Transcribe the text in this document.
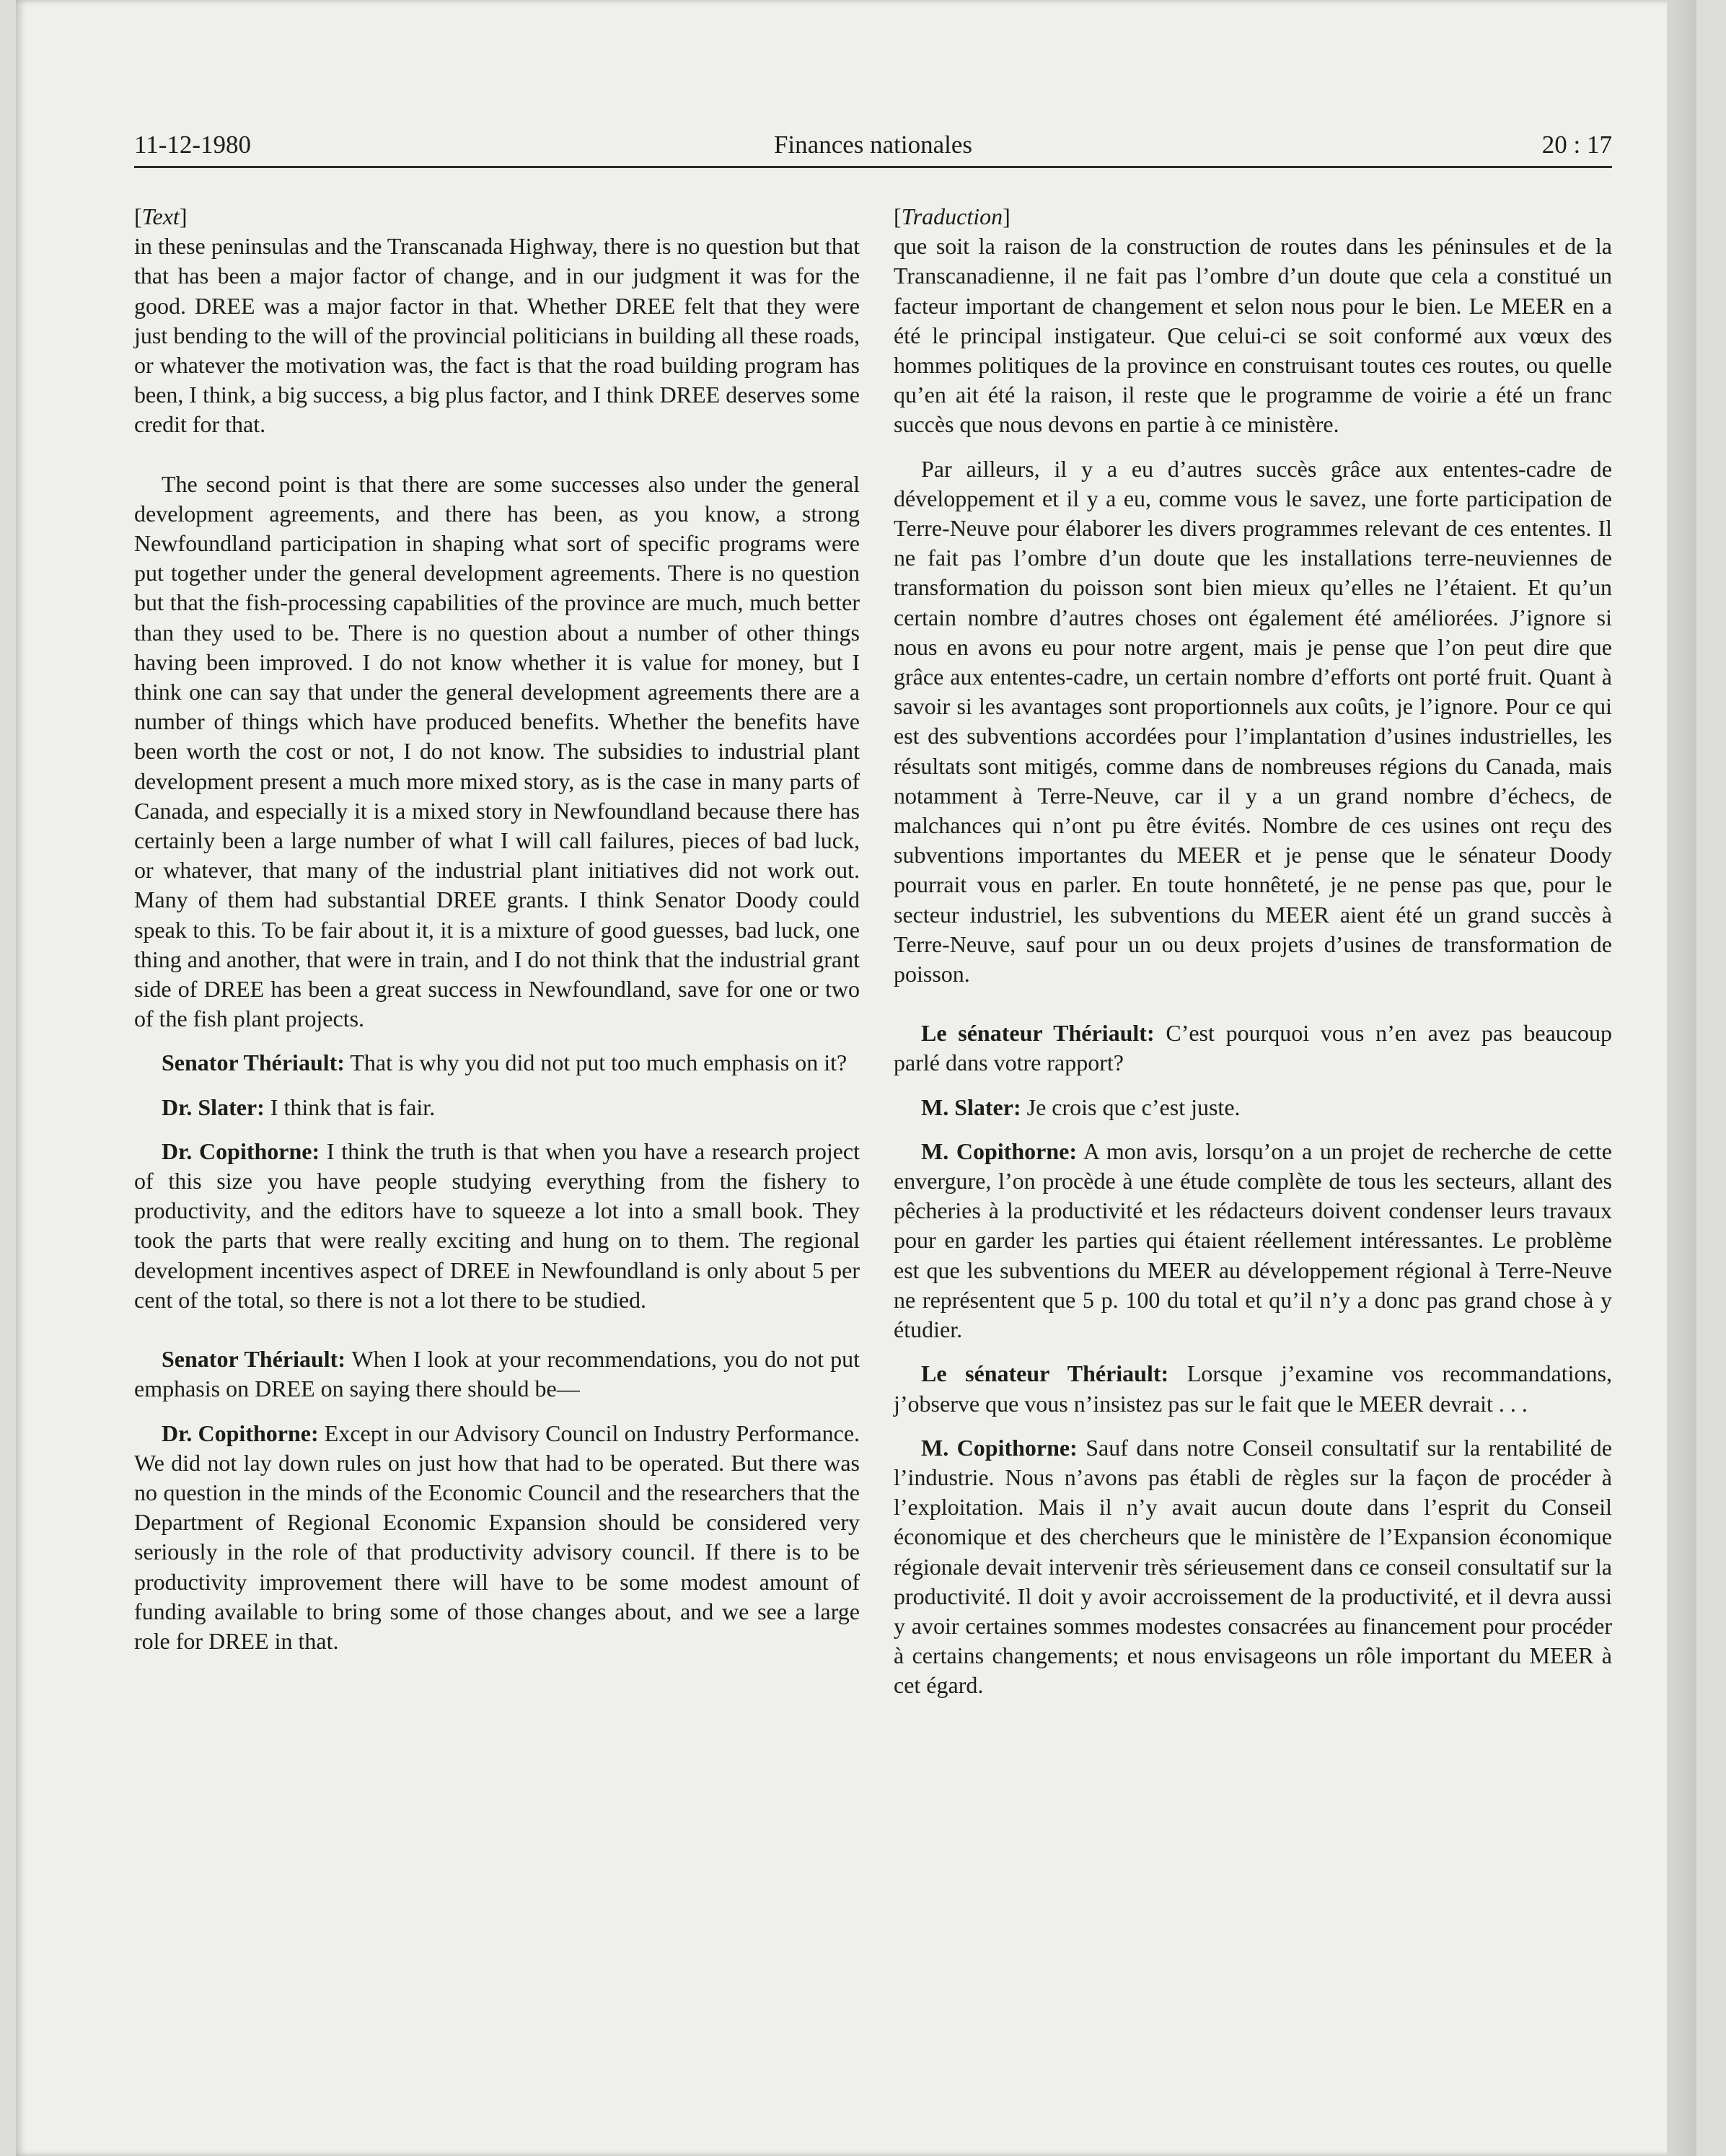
11-12-1980	Finances nationales	20 : 17

[Text]

in these peninsulas and the Transcanada Highway, there is no question but that that has been a major factor of change, and in our judgment it was for the good. DREE was a major factor in that. Whether DREE felt that they were just bending to the will of the provincial politicians in building all these roads, or whatever the motivation was, the fact is that the road building program has been, I think, a big success, a big plus factor, and I think DREE deserves some credit for that.

The second point is that there are some successes also under the general development agreements, and there has been, as you know, a strong Newfoundland participation in shaping what sort of specific programs were put together under the general development agreements. There is no question but that the fish-processing capabilities of the province are much, much better than they used to be. There is no question about a number of other things having been improved. I do not know whether it is value for money, but I think one can say that under the general development agreements there are a number of things which have produced benefits. Whether the benefits have been worth the cost or not, I do not know. The subsidies to industrial plant development present a much more mixed story, as is the case in many parts of Canada, and especially it is a mixed story in Newfoundland because there has certainly been a large number of what I will call failures, pieces of bad luck, or whatever, that many of the industrial plant initiatives did not work out. Many of them had substantial DREE grants. I think Senator Doody could speak to this. To be fair about it, it is a mixture of good guesses, bad luck, one thing and another, that were in train, and I do not think that the industrial grant side of DREE has been a great success in Newfoundland, save for one or two of the fish plant projects.

Senator Thériault: That is why you did not put too much emphasis on it?

Dr. Slater: I think that is fair.

Dr. Copithorne: I think the truth is that when you have a research project of this size you have people studying everything from the fishery to productivity, and the editors have to squeeze a lot into a small book. They took the parts that were really exciting and hung on to them. The regional development incentives aspect of DREE in Newfoundland is only about 5 per cent of the total, so there is not a lot there to be studied.

Senator Thériault: When I look at your recommendations, you do not put emphasis on DREE on saying there should be—

Dr. Copithorne: Except in our Advisory Council on Industry Performance. We did not lay down rules on just how that had to be operated. But there was no question in the minds of the Economic Council and the researchers that the Department of Regional Economic Expansion should be considered very seriously in the role of that productivity advisory council. If there is to be productivity improvement there will have to be some modest amount of funding available to bring some of those changes about, and we see a large role for DREE in that.

[Traduction]

que soit la raison de la construction de routes dans les péninsules et de la Transcanadienne, il ne fait pas l’ombre d’un doute que cela a constitué un facteur important de changement et selon nous pour le bien. Le MEER en a été le principal instigateur. Que celui-ci se soit conformé aux vœux des hommes politiques de la province en construisant toutes ces routes, ou quelle qu’en ait été la raison, il reste que le programme de voirie a été un franc succès que nous devons en partie à ce ministère.

Par ailleurs, il y a eu d’autres succès grâce aux ententes-cadre de développement et il y a eu, comme vous le savez, une forte participation de Terre-Neuve pour élaborer les divers programmes relevant de ces ententes. Il ne fait pas l’ombre d’un doute que les installations terre-neuviennes de transformation du poisson sont bien mieux qu’elles ne l’étaient. Et qu’un certain nombre d’autres choses ont également été améliorées. J’ignore si nous en avons eu pour notre argent, mais je pense que l’on peut dire que grâce aux ententes-cadre, un certain nombre d’efforts ont porté fruit. Quant à savoir si les avantages sont proportionnels aux coûts, je l’ignore. Pour ce qui est des subventions accordées pour l’implantation d’usines industrielles, les résultats sont mitigés, comme dans de nombreuses régions du Canada, mais notamment à Terre-Neuve, car il y a un grand nombre d’échecs, de malchances qui n’ont pu être évités. Nombre de ces usines ont reçu des subventions importantes du MEER et je pense que le sénateur Doody pourrait vous en parler. En toute honnêteté, je ne pense pas que, pour le secteur industriel, les subventions du MEER aient été un grand succès à Terre-Neuve, sauf pour un ou deux projets d’usines de transformation de poisson.

Le sénateur Thériault: C’est pourquoi vous n’en avez pas beaucoup parlé dans votre rapport?

M. Slater: Je crois que c’est juste.

M. Copithorne: A mon avis, lorsqu’on a un projet de recherche de cette envergure, l’on procède à une étude complète de tous les secteurs, allant des pêcheries à la productivité et les rédacteurs doivent condenser leurs travaux pour en garder les parties qui étaient réellement intéressantes. Le problème est que les subventions du MEER au développement régional à Terre-Neuve ne représentent que 5 p. 100 du total et qu’il n’y a donc pas grand chose à y étudier.

Le sénateur Thériault: Lorsque j’examine vos recommandations, j’observe que vous n’insistez pas sur le fait que le MEER devrait . . .

M. Copithorne: Sauf dans notre Conseil consultatif sur la rentabilité de l’industrie. Nous n’avons pas établi de règles sur la façon de procéder à l’exploitation. Mais il n’y avait aucun doute dans l’esprit du Conseil économique et des chercheurs que le ministère de l’Expansion économique régionale devait intervenir très sérieusement dans ce conseil consultatif sur la productivité. Il doit y avoir accroissement de la productivité, et il devra aussi y avoir certaines sommes modestes consacrées au financement pour procéder à certains changements; et nous envisageons un rôle important du MEER à cet égard.
